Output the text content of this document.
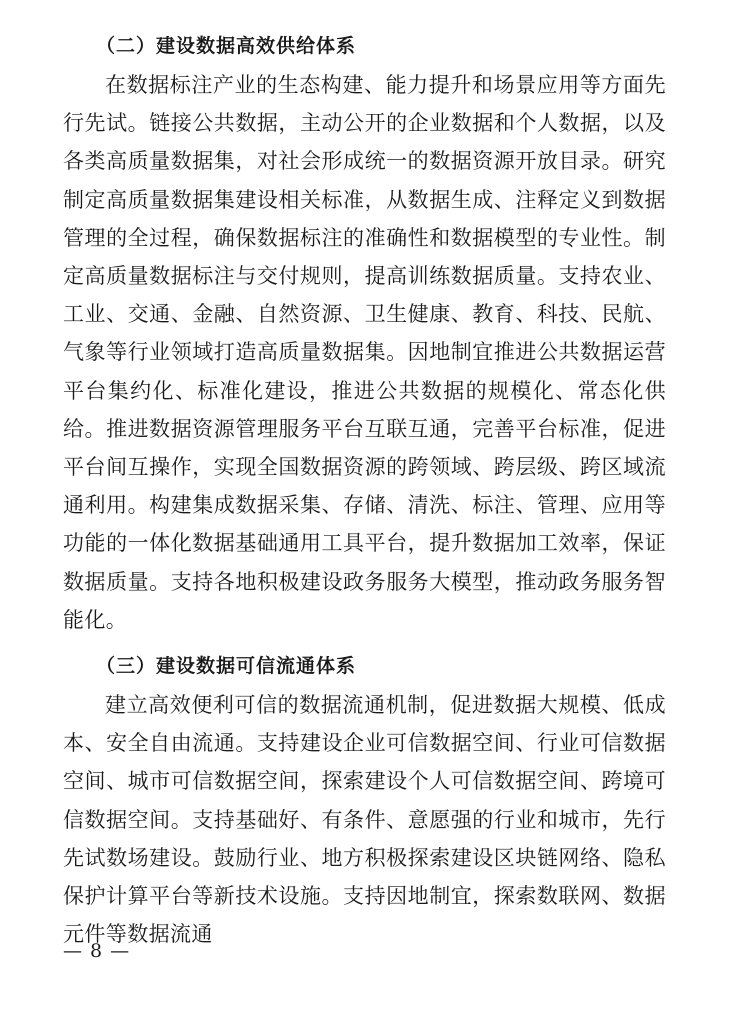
（二）建设数据高效供给体系
在数据标注产业的生态构建、能力提升和场景应用等方面先行先试。链接公共数据，主动公开的企业数据和个人数据，以及各类高质量数据集，对社会形成统一的数据资源开放目录。研究制定高质量数据集建设相关标准，从数据生成、注释定义到数据管理的全过程，确保数据标注的准确性和数据模型的专业性。制定高质量数据标注与交付规则，提高训练数据质量。支持农业、工业、交通、金融、自然资源、卫生健康、教育、科技、民航、气象等行业领域打造高质量数据集。因地制宜推进公共数据运营平台集约化、标准化建设，推进公共数据的规模化、常态化供给。推进数据资源管理服务平台互联互通，完善平台标准，促进平台间互操作，实现全国数据资源的跨领域、跨层级、跨区域流通利用。构建集成数据采集、存储、清洗、标注、管理、应用等功能的一体化数据基础通用工具平台，提升数据加工效率，保证数据质量。支持各地积极建设政务服务大模型，推动政务服务智能化。
（三）建设数据可信流通体系
建立高效便利可信的数据流通机制，促进数据大规模、低成本、安全自由流通。支持建设企业可信数据空间、行业可信数据空间、城市可信数据空间，探索建设个人可信数据空间、跨境可信数据空间。支持基础好、有条件、意愿强的行业和城市，先行先试数场建设。鼓励行业、地方积极探索建设区块链网络、隐私保护计算平台等新技术设施。支持因地制宜，探索数联网、数据元件等数据流通
— 8 —
